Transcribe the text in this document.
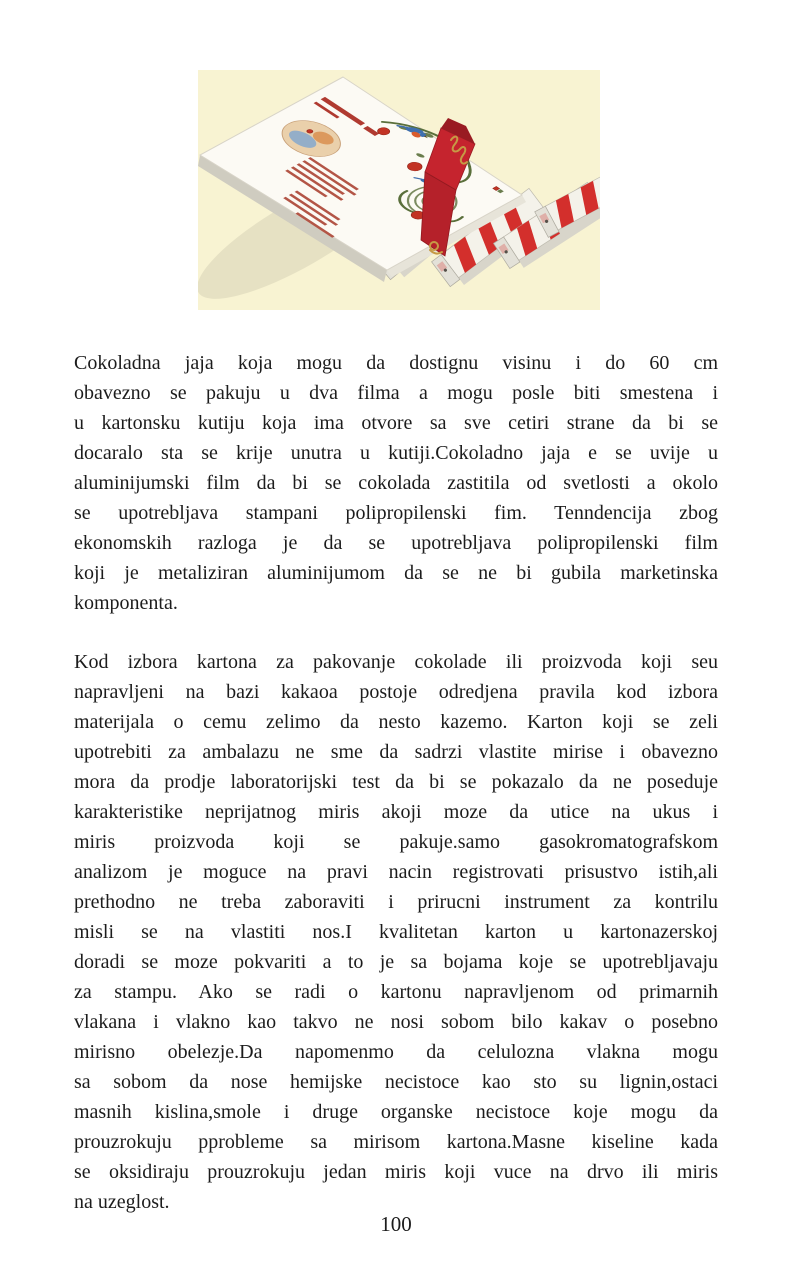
Cokoladna jaja koja mogu da dostignu visinu i do 60 cm
obavezno se pakuju u dva filma a mogu posle biti smestena i
u kartonsku kutiju koja ima otvore sa sve cetiri strane da bi se
docaralo sta se krije unutra u kutiji.Cokoladno jaja e se uvije u
aluminijumski film da bi se cokolada zastitila od svetlosti a okolo
se upotrebljava stampani polipropilenski fim. Tenndencija zbog
ekonomskih razloga je da se upotrebljava polipropilenski film
koji je metaliziran aluminijumom da se ne bi gubila marketinska
komponenta.
Kod izbora kartona za pakovanje cokolade ili proizvoda koji seu
napravljeni na bazi kakaoa postoje odredjena pravila kod izbora
materijala o cemu zelimo da nesto kazemo. Karton koji se zeli
upotrebiti za ambalazu ne sme da sadrzi vlastite mirise i obavezno
mora da prodje laboratorijski test da bi se pokazalo da ne poseduje
karakteristike neprijatnog miris akoji moze da utice na ukus i
miris proizvoda koji se pakuje.samo gasokromatografskom
analizom je moguce na pravi nacin registrovati prisustvo istih,ali
prethodno ne treba zaboraviti i prirucni instrument za kontrilu
misli se na vlastiti nos.I kvalitetan karton u kartonazerskoj
doradi se moze pokvariti a to je sa bojama koje se upotrebljavaju
za stampu. Ako se radi o kartonu napravljenom od primarnih
vlakana i vlakno kao takvo ne nosi sobom bilo kakav o posebno
mirisno obelezje.Da napomenmo da celulozna vlakna mogu
sa sobom da nose hemijske necistoce kao sto su lignin,ostaci
masnih kislina,smole i druge organske necistoce koje mogu da
prouzrokuju pprobleme sa mirisom kartona.Masne kiseline kada
se oksidiraju prouzrokuju jedan miris koji vuce na drvo ili miris
na uzeglost.
100
